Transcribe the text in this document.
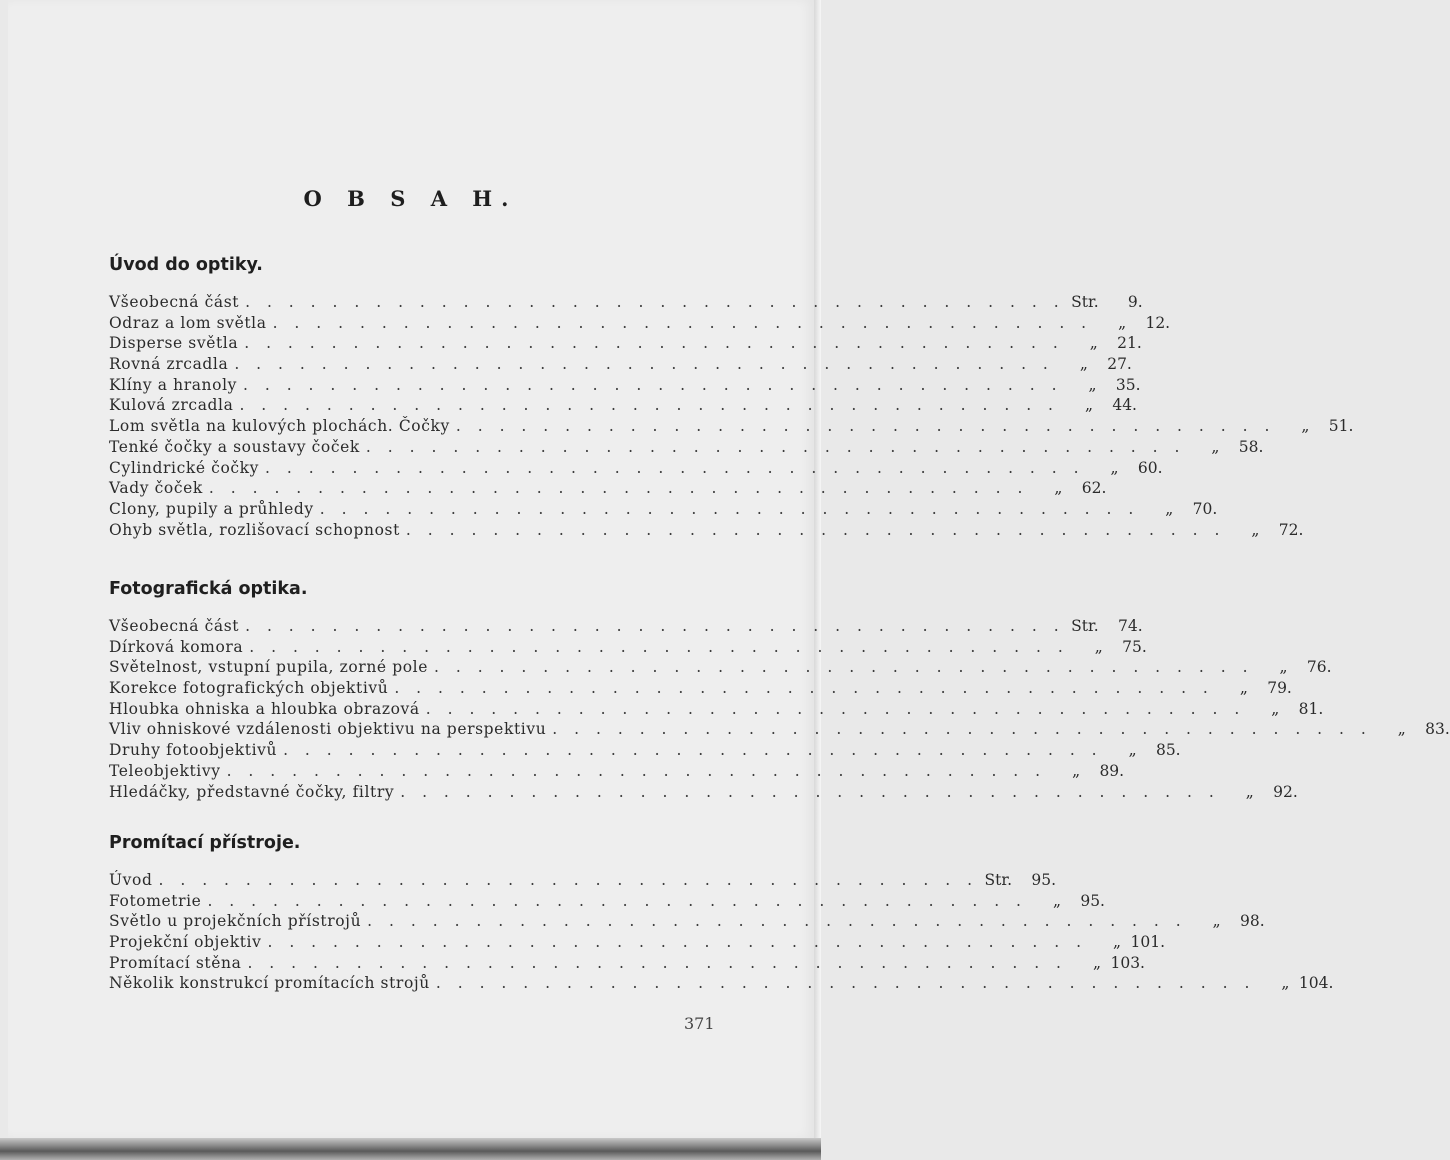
O B S A H.
Úvod do optiky.
Všeobecná část . . . . . . . . . . . . . . . . . . . . . . . . . . . . . . . . . . . . . . Str.	9.
Odraz a lom světla . . . . . . . . . . . . . . . . . . . . . . . . . . . . . . . . . . . . . .	„	12.
Disperse světla . . . . . . . . . . . . . . . . . . . . . . . . . . . . . . . . . . . . . .	„	21.
Rovná zrcadla . . . . . . . . . . . . . . . . . . . . . . . . . . . . . . . . . . . . . .	„	27.
Klíny a hranoly . . . . . . . . . . . . . . . . . . . . . . . . . . . . . . . . . . . . . .	„	35.
Kulová zrcadla . . . . . . . . . . . . . . . . . . . . . . . . . . . . . . . . . . . . . .	„	44.
Lom světla na kulových plochách. Čočky . . . . . . . . . . . . . . . . . . . . . . . . . . . . . . . . . . . . . .	„	51.
Tenké čočky a soustavy čoček . . . . . . . . . . . . . . . . . . . . . . . . . . . . . . . . . . . . . .	„	58.
Cylindrické čočky . . . . . . . . . . . . . . . . . . . . . . . . . . . . . . . . . . . . . .	„	60.
Vady čoček . . . . . . . . . . . . . . . . . . . . . . . . . . . . . . . . . . . . . .	„	62.
Clony, pupily a průhledy . . . . . . . . . . . . . . . . . . . . . . . . . . . . . . . . . . . . . .	„	70.
Ohyb světla, rozlišovací schopnost . . . . . . . . . . . . . . . . . . . . . . . . . . . . . . . . . . . . . .	„	72.
Fotografická optika.
Všeobecná část . . . . . . . . . . . . . . . . . . . . . . . . . . . . . . . . . . . . . . Str.	74.
Dírková komora . . . . . . . . . . . . . . . . . . . . . . . . . . . . . . . . . . . . . .	„	75.
Světelnost, vstupní pupila, zorné pole . . . . . . . . . . . . . . . . . . . . . . . . . . . . . . . . . . . . . .	„	76.
Korekce fotografických objektivů . . . . . . . . . . . . . . . . . . . . . . . . . . . . . . . . . . . . . .	„	79.
Hloubka ohniska a hloubka obrazová . . . . . . . . . . . . . . . . . . . . . . . . . . . . . . . . . . . . . .	„	81.
Vliv ohniskové vzdálenosti objektivu na perspektivu . . . . . . . . . . . . . . . . . . . . . . . . . . . . . . . . . . . . . .	„	83.
Druhy fotoobjektivů . . . . . . . . . . . . . . . . . . . . . . . . . . . . . . . . . . . . . .	„	85.
Teleobjektivy . . . . . . . . . . . . . . . . . . . . . . . . . . . . . . . . . . . . . .	„	89.
Hledáčky, představné čočky, filtry . . . . . . . . . . . . . . . . . . . . . . . . . . . . . . . . . . . . . .	„	92.
Promítací přístroje.
Úvod . . . . . . . . . . . . . . . . . . . . . . . . . . . . . . . . . . . . . . Str.	95.
Fotometrie . . . . . . . . . . . . . . . . . . . . . . . . . . . . . . . . . . . . . .	„	95.
Světlo u projekčních přístrojů . . . . . . . . . . . . . . . . . . . . . . . . . . . . . . . . . . . . . .	„	98.
Projekční objektiv . . . . . . . . . . . . . . . . . . . . . . . . . . . . . . . . . . . . . .	„ 101.
Promítací stěna . . . . . . . . . . . . . . . . . . . . . . . . . . . . . . . . . . . . . .	„ 103.
Několik konstrukcí promítacích strojů . . . . . . . . . . . . . . . . . . . . . . . . . . . . . . . . . . . . . .	„ 104.
371
